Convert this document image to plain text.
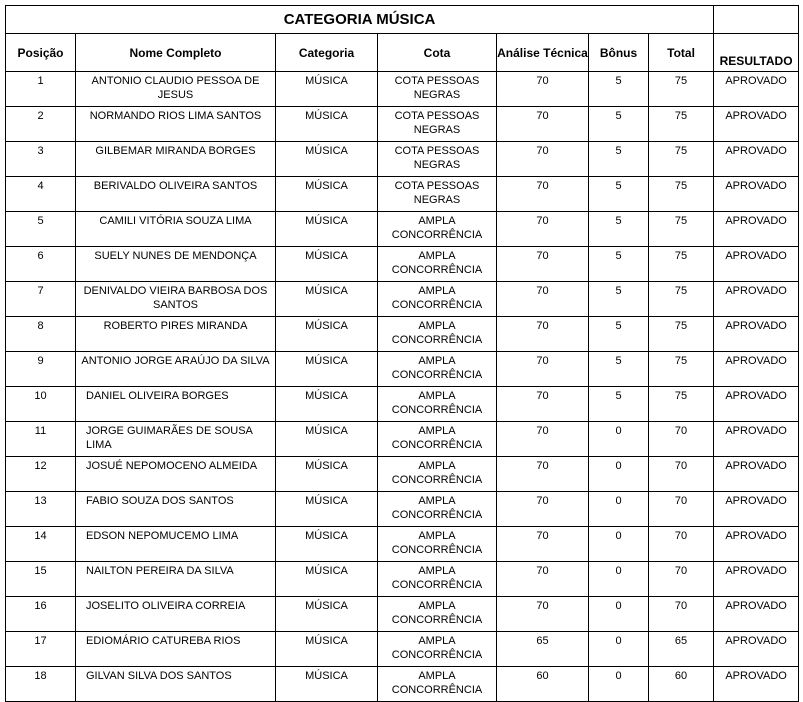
CATEGORIA MÚSICA							
Posição	Nome Completo	Categoria	Cota	Análise Técnica	Bônus	Total	RESULTADO
1	ANTONIO CLAUDIO PESSOA DE JESUS	MÚSICA	COTA PESSOAS NEGRAS	70	5	75	APROVADO
2	NORMANDO RIOS LIMA SANTOS	MÚSICA	COTA PESSOAS NEGRAS	70	5	75	APROVADO
3	GILBEMAR MIRANDA BORGES	MÚSICA	COTA PESSOAS NEGRAS	70	5	75	APROVADO
4	BERIVALDO OLIVEIRA SANTOS	MÚSICA	COTA PESSOAS NEGRAS	70	5	75	APROVADO
5	CAMILI VITÓRIA SOUZA LIMA	MÚSICA	AMPLA CONCORRÊNCIA	70	5	75	APROVADO
6	SUELY NUNES DE MENDONÇA	MÚSICA	AMPLA CONCORRÊNCIA	70	5	75	APROVADO
7	DENIVALDO VIEIRA BARBOSA DOS SANTOS	MÚSICA	AMPLA CONCORRÊNCIA	70	5	75	APROVADO
8	ROBERTO PIRES MIRANDA	MÚSICA	AMPLA CONCORRÊNCIA	70	5	75	APROVADO
9	ANTONIO JORGE ARAÚJO DA SILVA	MÚSICA	AMPLA CONCORRÊNCIA	70	5	75	APROVADO
10	DANIEL OLIVEIRA BORGES	MÚSICA	AMPLA CONCORRÊNCIA	70	5	75	APROVADO
11	JORGE GUIMARÃES DE SOUSA LIMA	MÚSICA	AMPLA CONCORRÊNCIA	70	0	70	APROVADO
12	JOSUÉ NEPOMOCENO ALMEIDA	MÚSICA	AMPLA CONCORRÊNCIA	70	0	70	APROVADO
13	FABIO SOUZA DOS SANTOS	MÚSICA	AMPLA CONCORRÊNCIA	70	0	70	APROVADO
14	EDSON NEPOMUCEMO LIMA	MÚSICA	AMPLA CONCORRÊNCIA	70	0	70	APROVADO
15	NAILTON PEREIRA DA SILVA	MÚSICA	AMPLA CONCORRÊNCIA	70	0	70	APROVADO
16	JOSELITO OLIVEIRA CORREIA	MÚSICA	AMPLA CONCORRÊNCIA	70	0	70	APROVADO
17	EDIOMÁRIO CATUREBA RIOS	MÚSICA	AMPLA CONCORRÊNCIA	65	0	65	APROVADO
18	GILVAN SILVA DOS SANTOS	MÚSICA	AMPLA CONCORRÊNCIA	60	0	60	APROVADO
